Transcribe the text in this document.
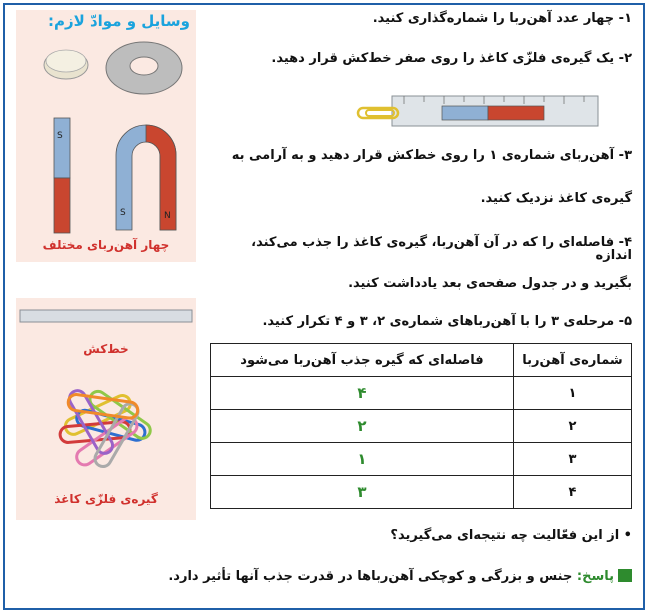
وسایل و موادّ لازم:
S
S	N
چهار آهن‌ربای مختلف
خط‌کش
گیره‌ی فلزّی کاغذ
۱- چهار عدد آهن‌ربا را شماره‌گذاری کنید.
۲- یک گیره‌ی فلزّی کاغذ را روی صفر خط‌کش قرار دهید.
۳- آهن‌ربای شماره‌ی ۱ را روی خط‌کش قرار دهید و به آرامی به
گیره‌ی کاغذ نزدیک کنید.
۴- فاصله‌ای را که در آن آهن‌ربا، گیره‌ی کاغذ را جذب می‌کند، اندازه
بگیرید و در جدول صفحه‌ی بعد یادداشت کنید.
۵- مرحله‌ی ۳ را با آهن‌رباهای شماره‌ی ۲، ۳ و ۴ تکرار کنید.
شماره‌ی آهن‌ربا	فاصله‌ای که گیره جذب آهن‌ربا می‌شود
۱	۴
۲	۲
۳	۱
۴	۳
• از این فعّالیت چه نتیجه‌ای می‌گیرید؟
پاسخ: جنس و بزرگی و کوچکی آهن‌رباها در قدرت جذب آنها تأثیر دارد.
